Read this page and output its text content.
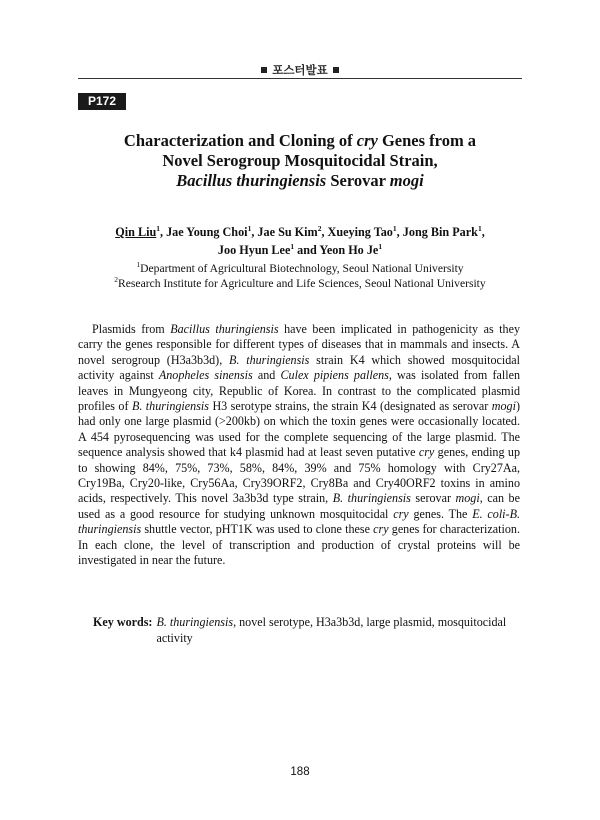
포스터발표
P172
Characterization and Cloning of cry Genes from a
Novel Serogroup Mosquitocidal Strain,
Bacillus thuringiensis Serovar mogi
Qin Liu$^1$, Jae Young Choi$^1$, Jae Su Kim$^2$, Xueying Tao$^1$, Jong Bin Park$^1$,
Joo Hyun Lee$^1$ and Yeon Ho Je$^1$
$^1$Department of Agricultural Biotechnology, Seoul National University
$^2$Research Institute for Agriculture and Life Sciences, Seoul National University
Plasmids from Bacillus thuringiensis have been implicated in pathogenicity as they carry the genes responsible for different types of diseases that in mammals and insects. A novel serogroup (H3a3b3d), B. thuringiensis strain K4 which showed mosquitocidal activity against Anopheles sinensis and Culex pipiens pallens, was isolated from fallen leaves in Mungyeong city, Republic of Korea. In contrast to the complicated plasmid profiles of B. thuringiensis H3 serotype strains, the strain K4 (designated as serovar mogi) had only one large plasmid (>200kb) on which the toxin genes were occasionally located. A 454 pyrosequencing was used for the complete sequencing of the large plasmid. The sequence analysis showed that k4 plasmid had at least seven putative cry genes, ending up to showing 84%, 75%, 73%, 58%, 84%, 39% and 75% homology with Cry27Aa, Cry19Ba, Cry20-like, Cry56Aa, Cry39ORF2, Cry8Ba and Cry40ORF2 toxins in amino acids, respectively. This novel 3a3b3d type strain, B. thuringiensis serovar mogi, can be used as a good resource for studying unknown mosquitocidal cry genes. The E. coli-B. thuringiensis shuttle vector, pHT1K was used to clone these cry genes for characterization. In each clone, the level of transcription and production of crystal proteins will be investigated in near the future.
Key words: B. thuringiensis, novel serotype, H3a3b3d, large plasmid, mosquitocidal activity
188
